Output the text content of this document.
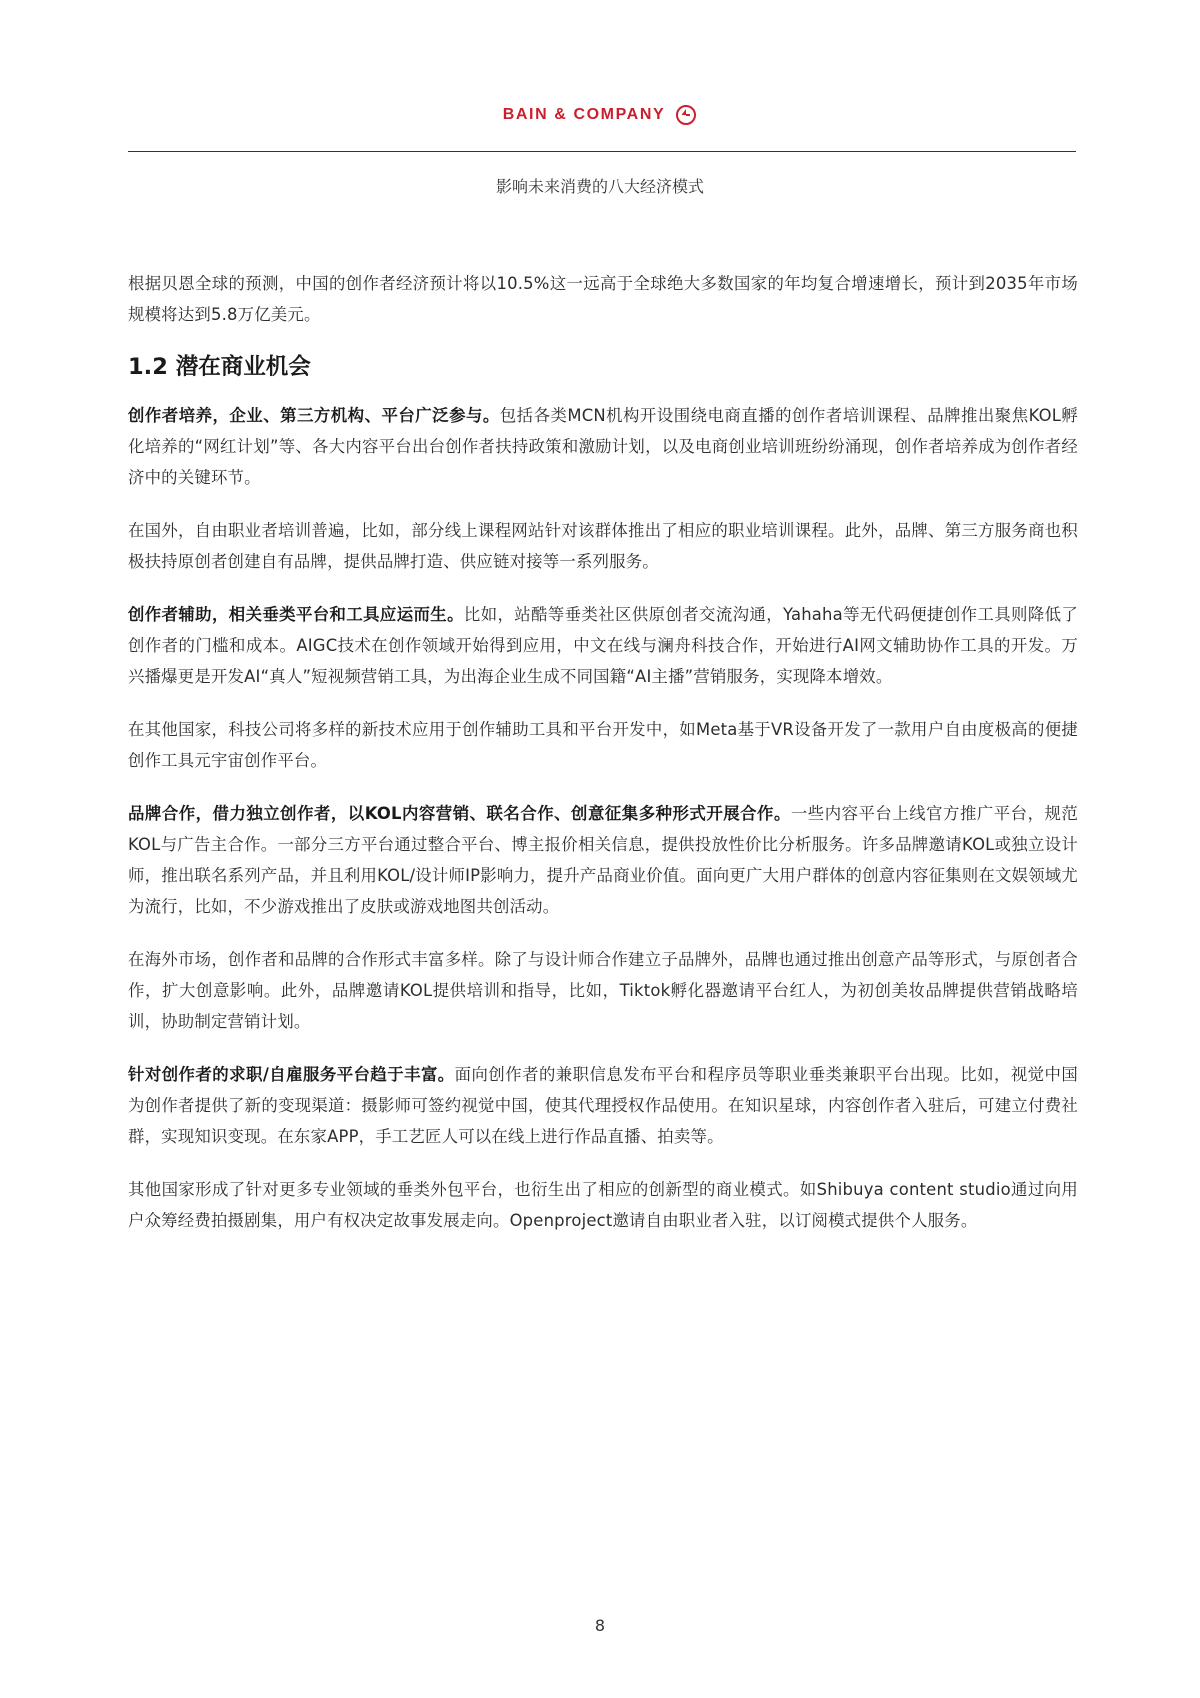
BAIN & COMPANY
影响未来消费的八大经济模式

根据贝恩全球的预测，中国的创作者经济预计将以10.5%这一远高于全球绝大多数国家的年均复合增速增长，预计到2035年市场规模将达到5.8万亿美元。

1.2 潜在商业机会

创作者培养，企业、第三方机构、平台广泛参与。包括各类MCN机构开设围绕电商直播的创作者培训课程、品牌推出聚焦KOL孵化培养的“网红计划”等、各大内容平台出台创作者扶持政策和激励计划，以及电商创业培训班纷纷涌现，创作者培养成为创作者经济中的关键环节。

在国外，自由职业者培训普遍，比如，部分线上课程网站针对该群体推出了相应的职业培训课程。此外，品牌、第三方服务商也积极扶持原创者创建自有品牌，提供品牌打造、供应链对接等一系列服务。

创作者辅助，相关垂类平台和工具应运而生。比如，站酷等垂类社区供原创者交流沟通，Yahaha等无代码便捷创作工具则降低了创作者的门槛和成本。AIGC技术在创作领域开始得到应用，中文在线与澜舟科技合作，开始进行AI网文辅助协作工具的开发。万兴播爆更是开发AI“真人”短视频营销工具，为出海企业生成不同国籍“AI主播”营销服务，实现降本增效。

在其他国家，科技公司将多样的新技术应用于创作辅助工具和平台开发中，如Meta基于VR设备开发了一款用户自由度极高的便捷创作工具元宇宙创作平台。

品牌合作，借力独立创作者，以KOL内容营销、联名合作、创意征集多种形式开展合作。一些内容平台上线官方推广平台，规范KOL与广告主合作。一部分三方平台通过整合平台、博主报价相关信息，提供投放性价比分析服务。许多品牌邀请KOL或独立设计师，推出联名系列产品，并且利用KOL/设计师IP影响力，提升产品商业价值。面向更广大用户群体的创意内容征集则在文娱领域尤为流行，比如，不少游戏推出了皮肤或游戏地图共创活动。

在海外市场，创作者和品牌的合作形式丰富多样。除了与设计师合作建立子品牌外，品牌也通过推出创意产品等形式，与原创者合作，扩大创意影响。此外，品牌邀请KOL提供培训和指导，比如，Tiktok孵化器邀请平台红人，为初创美妆品牌提供营销战略培训，协助制定营销计划。

针对创作者的求职/自雇服务平台趋于丰富。面向创作者的兼职信息发布平台和程序员等职业垂类兼职平台出现。比如，视觉中国为创作者提供了新的变现渠道：摄影师可签约视觉中国，使其代理授权作品使用。在知识星球，内容创作者入驻后，可建立付费社群，实现知识变现。在东家APP，手工艺匠人可以在线上进行作品直播、拍卖等。

其他国家形成了针对更多专业领域的垂类外包平台，也衍生出了相应的创新型的商业模式。如Shibuya content studio通过向用户众筹经费拍摄剧集，用户有权决定故事发展走向。Openproject邀请自由职业者入驻，以订阅模式提供个人服务。

8
